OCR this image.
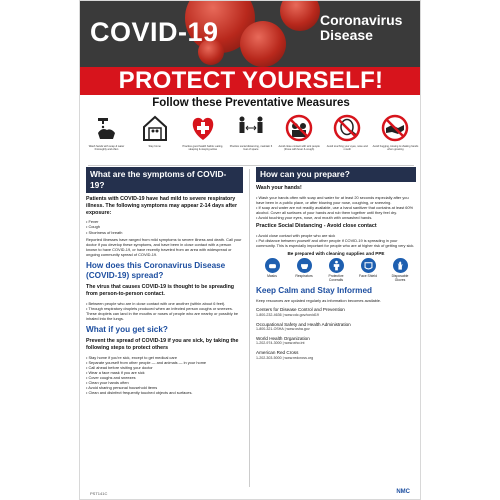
COVID-19	Coronavirus
Disease
PROTECT YOURSELF!
Follow these Preventative Measures
Wash hands with soap & water thoroughly and often
Stay home	Practice good health habits: eating, sleeping & staying active
Practice social distancing, maintain 6 feet of space
Avoid close contact with sick people (those with fever & cough)
Avoid touching your eyes, nose and mouth
Avoid hugging, kissing & shaking hands when greeting
What are the symptoms of COVID-19?
Patients with COVID-19 have had mild to severe respiratory illness. The following symptoms may appear 2-14 days after exposure:
• Fever
• Cough
• Shortness of breath
Reported illnesses have ranged from mild symptoms to severe illness and death. Call your doctor if you develop these symptoms, and have been in close contact with a person known to have COVID-19, or have recently traveled from an area with widespread or ongoing community spread of COVID-19.
How does this Coronavirus Disease (COVID-19) spread?
The virus that causes COVID-19 is thought to be spreading from person-to-person contact.
• Between people who are in close contact with one another (within about 6 feet).
• Through respiratory droplets produced when an infected person coughs or sneezes. These droplets can land in the mouths or noses of people who are nearby or possibly be inhaled into the lungs.
What if you get sick?
Prevent the spread of COVID-19 if you are sick, by taking the following steps to protect others
• Stay home if you're sick, except to get medical care
• Separate yourself from other people — and animals — in your home
• Call ahead before visiting your doctor
• Wear a face mask if you are sick
• Cover coughs and sneezes
• Clean your hands often
• Avoid sharing personal household items
• Clean and disinfect frequently touched objects and surfaces.
How can you prepare?
Wash your hands!
• Wash your hands often with soap and water for at least 20 seconds especially after you have been in a public place, or after blowing your nose, coughing, or sneezing.
• If soap and water are not readily available, use a hand sanitizer that contains at least 60% alcohol. Cover all surfaces of your hands and rub them together until they feel dry.
• Avoid touching your eyes, nose, and mouth with unwashed hands.
Practice Social Distancing - Avoid close contact
• Avoid close contact with people who are sick
• Put distance between yourself and other people if COVID-19 is spreading in your community. This is especially important for people who are at higher risk of getting very sick.
Be prepared with cleaning supplies and PPE
Masks	Respirators	Protective Coveralls
Face Shield	Disposable Gloves
Keep Calm and Stay Informed
Keep resources are updated regularly as information becomes available.
Centers for Disease Control and Prevention
1-800-232-4636 | www.cdc.gov/covid19
Occupational Safety and Health Administration
1-800-321-OSHA | www.osha.gov
World Health Organization
1-202-974-3000 | www.who.int
American Red Cross
1-202-303-5000 | www.redcross.org
PST141C	NMC
